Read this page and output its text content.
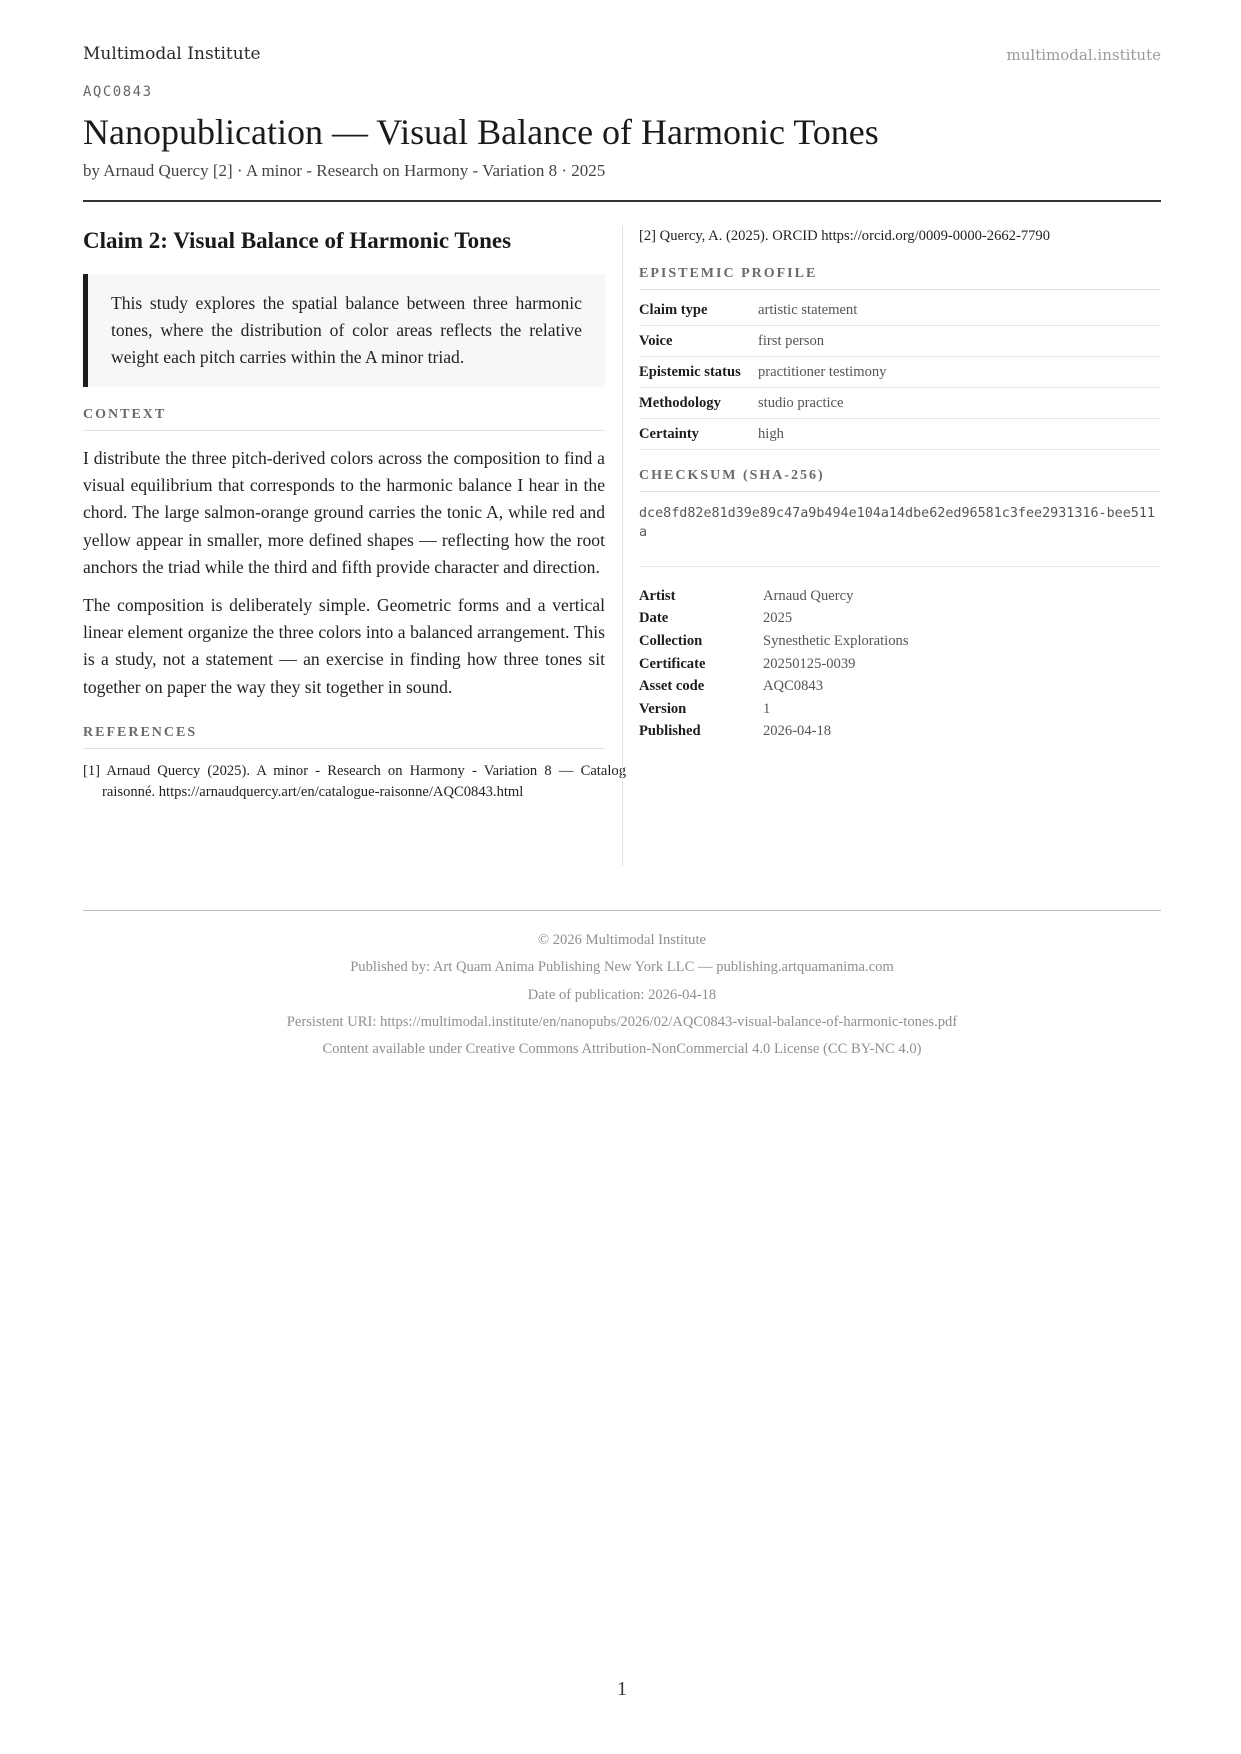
Multimodal Institute	multimodal.institute
AQC0843
Nanopublication — Visual Balance of Harmonic Tones
by Arnaud Quercy [2] · A minor - Research on Harmony - Variation 8 · 2025
Claim 2: Visual Balance of Harmonic Tones
This study explores the spatial balance between three harmonic tones, where the distribution of color areas reflects the relative weight each pitch carries within the A minor triad.
CONTEXT

I distribute the three pitch-derived colors across the composition to find a visual equilibrium that corresponds to the harmonic balance I hear in the chord. The large salmon-orange ground carries the tonic A, while red and yellow appear in smaller, more defined shapes — reflecting how the root anchors the triad while the third and fifth provide character and direction.

The composition is deliberately simple. Geometric forms and a vertical linear element organize the three colors into a balanced arrangement. This is a study, not a statement — an exercise in finding how three tones sit together on paper the way they sit together in sound.

REFERENCES
[1] Arnaud Quercy (2025). A minor - Research on Harmony - Variation 8 — Catalog raisonné. https://arnaudquercy.art/en/catalogue-raisonne/AQC0843.html
[2] Quercy, A. (2025). ORCID https://orcid.org/0009-0000-2662-7790
EPISTEMIC PROFILE
Claim type	artistic statement
Voice	first person
Epistemic status	practitioner testimony
Methodology	studio practice
Certainty	high
CHECKSUM (SHA-256)
dce8fd82e81d39e89c47a9b494e104a14dbe62ed96581c3fee2931316-bee511a
Artist	Arnaud Quercy
Date	2025
Collection	Synesthetic Explorations
Certificate	20250125-0039
Asset code	AQC0843
Version	1
Published	2026-04-18
© 2026 Multimodal Institute
Published by: Art Quam Anima Publishing New York LLC — publishing.artquamanima.com
Date of publication: 2026-04-18
Persistent URI: https://multimodal.institute/en/nanopubs/2026/02/AQC0843-visual-balance-of-harmonic-tones.pdf
Content available under Creative Commons Attribution-NonCommercial 4.0 License (CC BY-NC 4.0)
1
